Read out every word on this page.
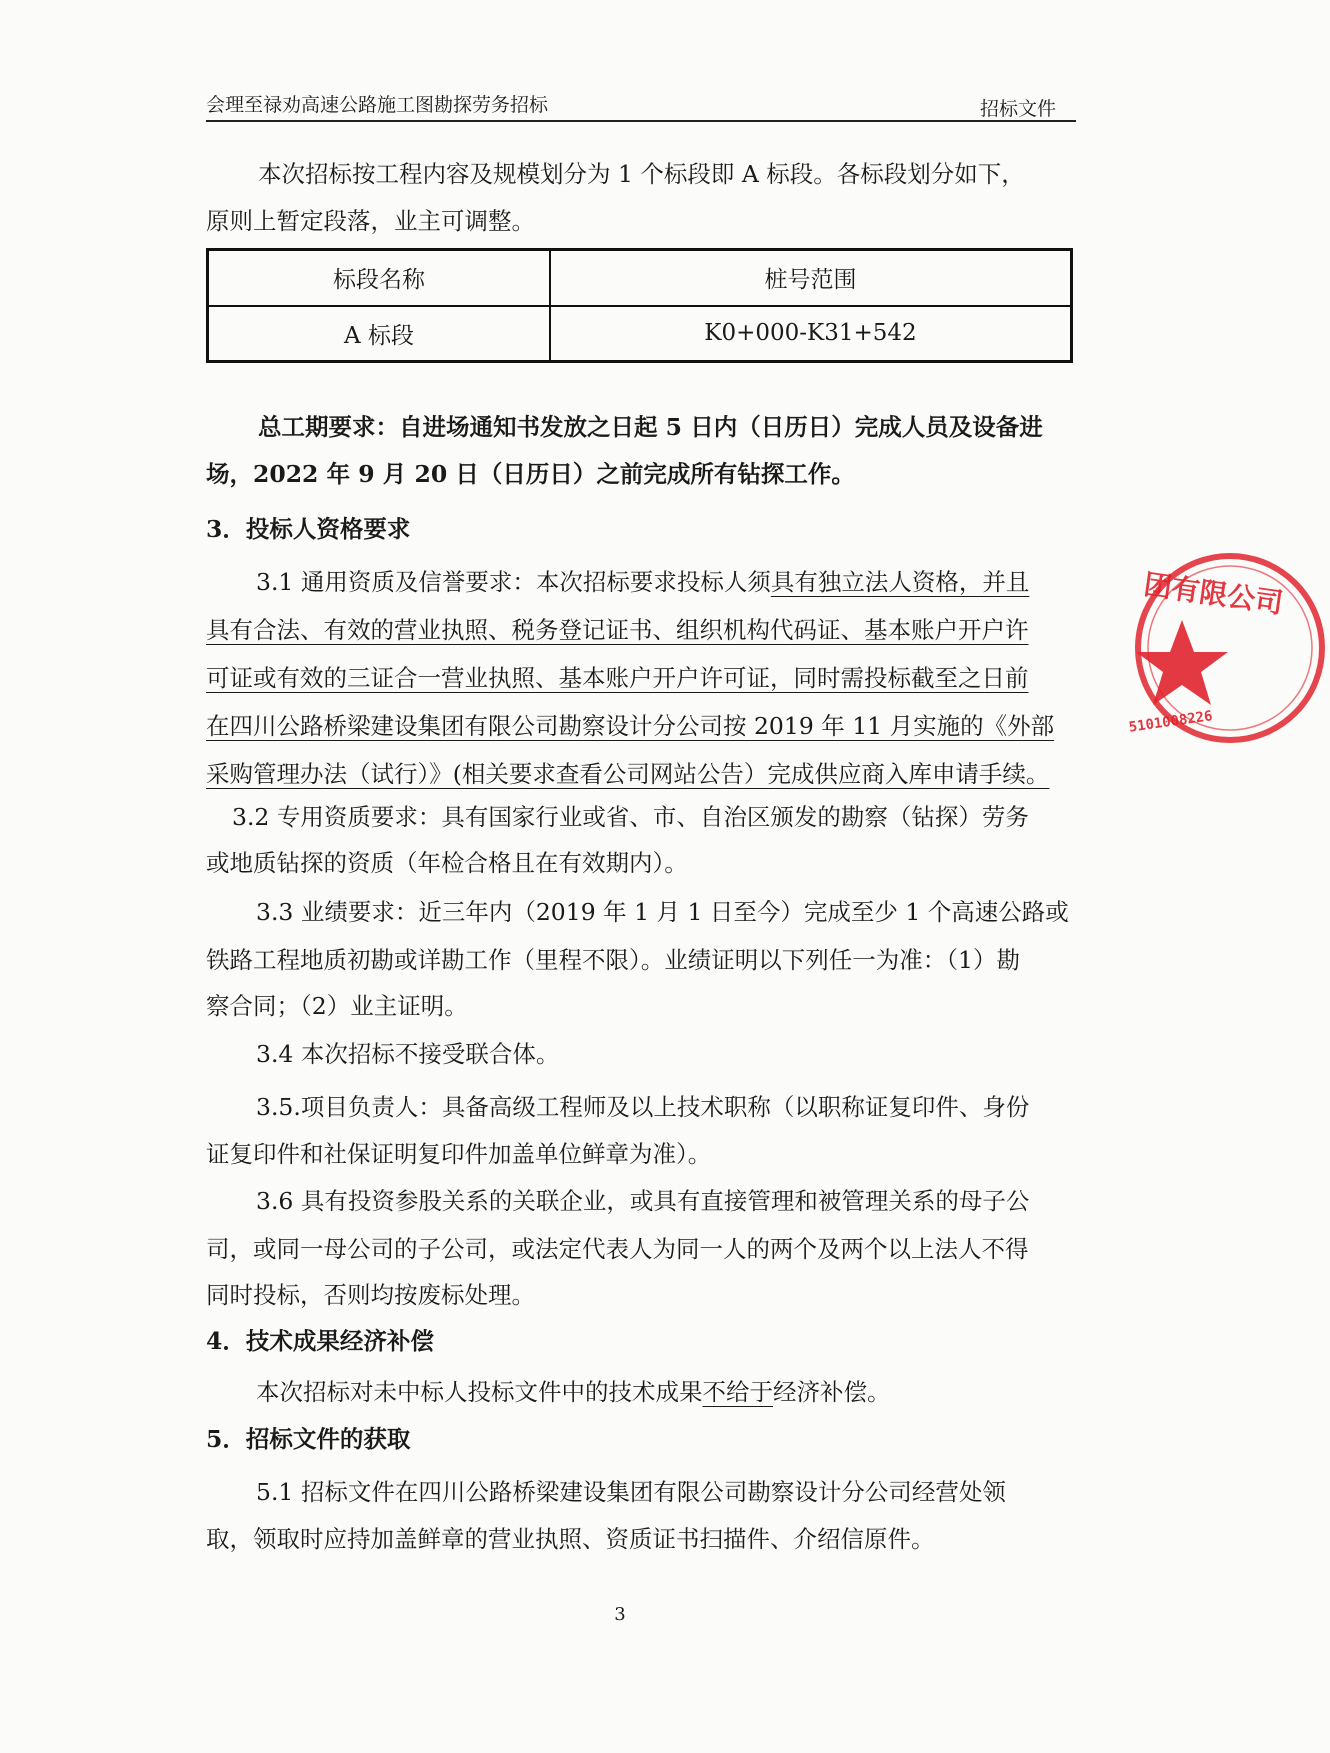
会理至禄劝高速公路施工图勘探劳务招标	招标文件
本次招标按工程内容及规模划分为 1 个标段即 A 标段。各标段划分如下，
原则上暂定段落，业主可调整。
标段名称	桩号范围
A 标段	K0+000-K31+542
总工期要求：自进场通知书发放之日起 5 日内（日历日）完成人员及设备进
场，2022 年 9 月 20 日（日历日）之前完成所有钻探工作。
3．投标人资格要求
3.1 通用资质及信誉要求：本次招标要求投标人须具有独立法人资格，并且
具有合法、有效的营业执照、税务登记证书、组织机构代码证、基本账户开户许
可证或有效的三证合一营业执照、基本账户开户许可证，同时需投标截至之日前
在四川公路桥梁建设集团有限公司勘察设计分公司按 2019 年 11 月实施的《外部
采购管理办法（试行）》(相关要求查看公司网站公告）完成供应商入库申请手续。
3.2 专用资质要求：具有国家行业或省、市、自治区颁发的勘察（钻探）劳务
或地质钻探的资质（年检合格且在有效期内）。
3.3 业绩要求：近三年内（2019 年 1 月 1 日至今）完成至少 1 个高速公路或
铁路工程地质初勘或详勘工作（里程不限）。业绩证明以下列任一为准：（1）勘
察合同；（2）业主证明。
3.4 本次招标不接受联合体。
3.5.项目负责人：具备高级工程师及以上技术职称（以职称证复印件、身份
证复印件和社保证明复印件加盖单位鲜章为准）。
3.6 具有投资参股关系的关联企业，或具有直接管理和被管理关系的母子公
司，或同一母公司的子公司，或法定代表人为同一人的两个及两个以上法人不得
同时投标，否则均按废标处理。
4．技术成果经济补偿
本次招标对未中标人投标文件中的技术成果不给于经济补偿。
5．招标文件的获取
5.1 招标文件在四川公路桥梁建设集团有限公司勘察设计分公司经营处领
取，领取时应持加盖鲜章的营业执照、资质证书扫描件、介绍信原件。
3
团有限公司
5101008226
